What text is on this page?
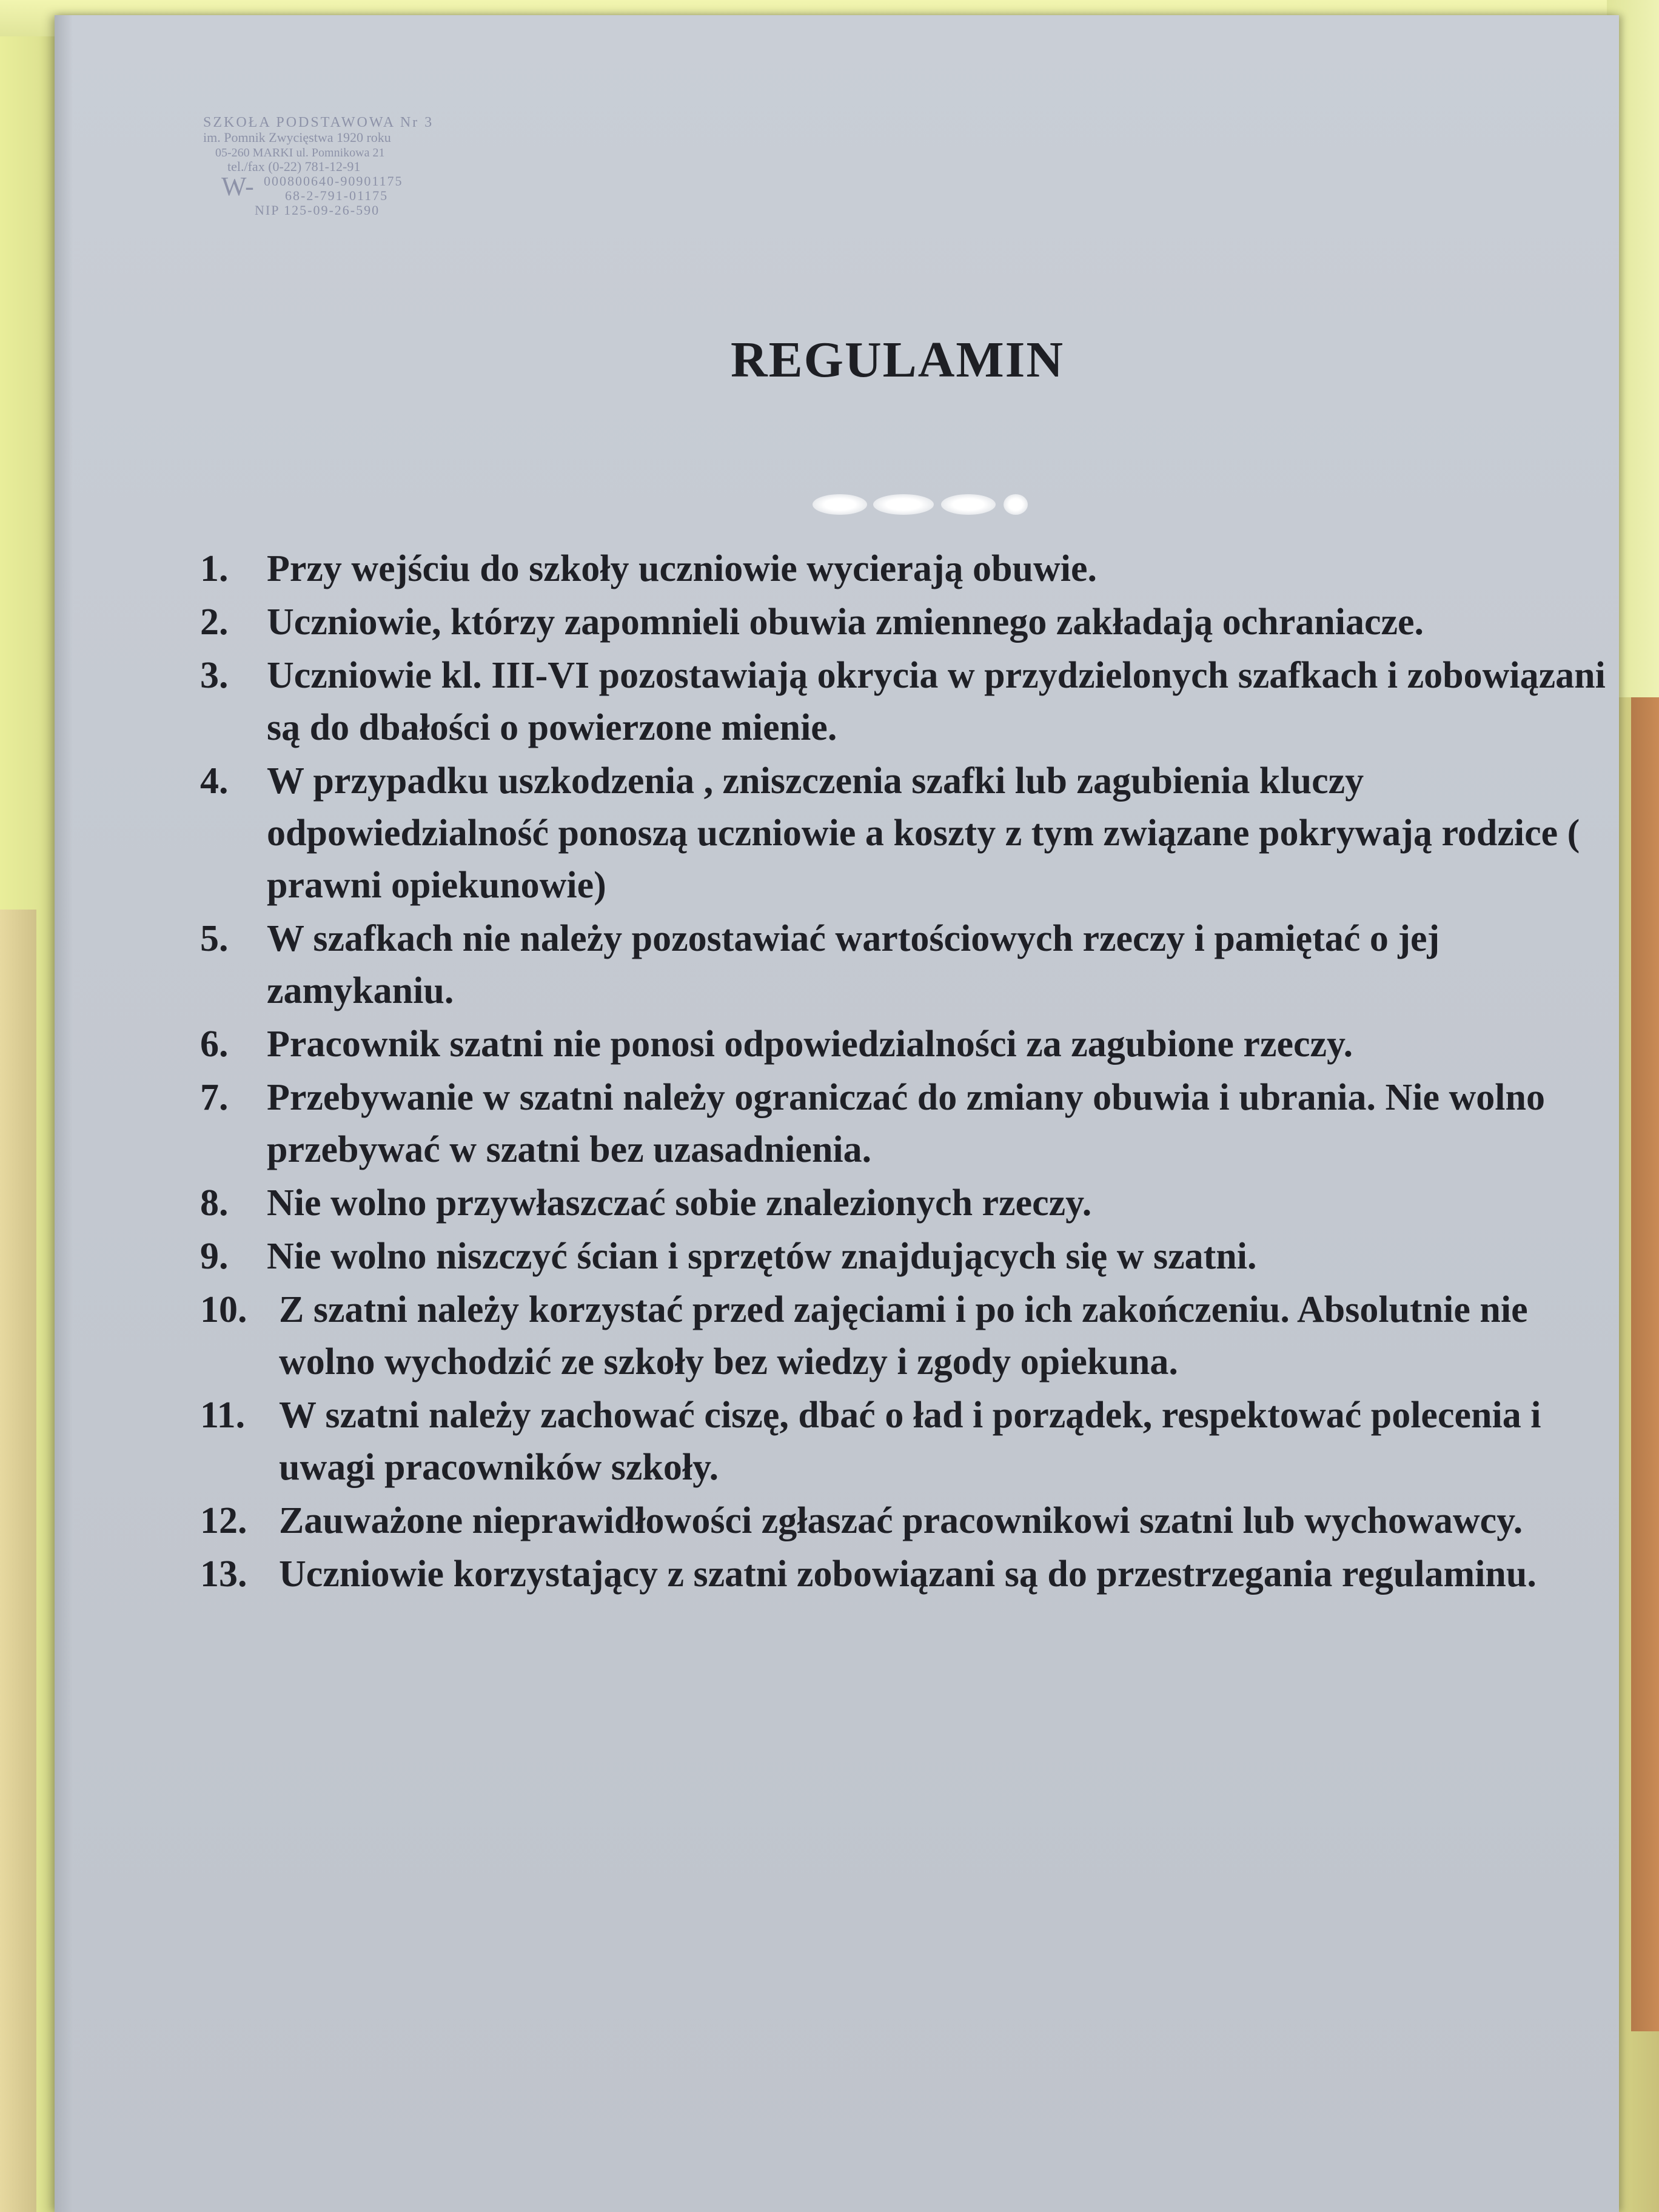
SZKOŁA PODSTAWOWA Nr 3
im. Pomnik Zwycięstwa 1920 roku
05-260 MARKI ul. Pomnikowa 21
tel./fax (0-22) 781-12-91
W- 000800640-90901175
68-2-791-01175
NIP 125-09-26-590
REGULAMIN
1. Przy wejściu do szkoły uczniowie wycierają obuwie.
2. Uczniowie, którzy zapomnieli obuwia zmiennego zakładają ochraniacze.
3. Uczniowie kl. III-VI pozostawiają okrycia w przydzielonych szafkach i zobowiązani są do dbałości o powierzone mienie.
4. W przypadku uszkodzenia , zniszczenia szafki lub zagubienia kluczy odpowiedzialność ponoszą uczniowie a koszty z tym związane pokrywają rodzice ( prawni opiekunowie)
5. W szafkach nie należy pozostawiać wartościowych rzeczy i pamiętać o jej zamykaniu.
6. Pracownik szatni nie ponosi odpowiedzialności za zagubione rzeczy.
7. Przebywanie w szatni należy ograniczać do zmiany obuwia i ubrania. Nie wolno przebywać w szatni bez uzasadnienia.
8. Nie wolno przywłaszczać sobie znalezionych rzeczy.
9. Nie wolno niszczyć ścian i sprzętów znajdujących się w szatni.
10. Z szatni należy korzystać przed zajęciami i po ich zakończeniu. Absolutnie nie wolno wychodzić ze szkoły bez wiedzy i zgody opiekuna.
11. W szatni należy zachować ciszę, dbać o ład i porządek, respektować polecenia i uwagi pracowników szkoły.
12. Zauważone nieprawidłowości zgłaszać pracownikowi szatni lub wychowawcy.
13. Uczniowie korzystający z szatni zobowiązani są do przestrzegania regulaminu.
